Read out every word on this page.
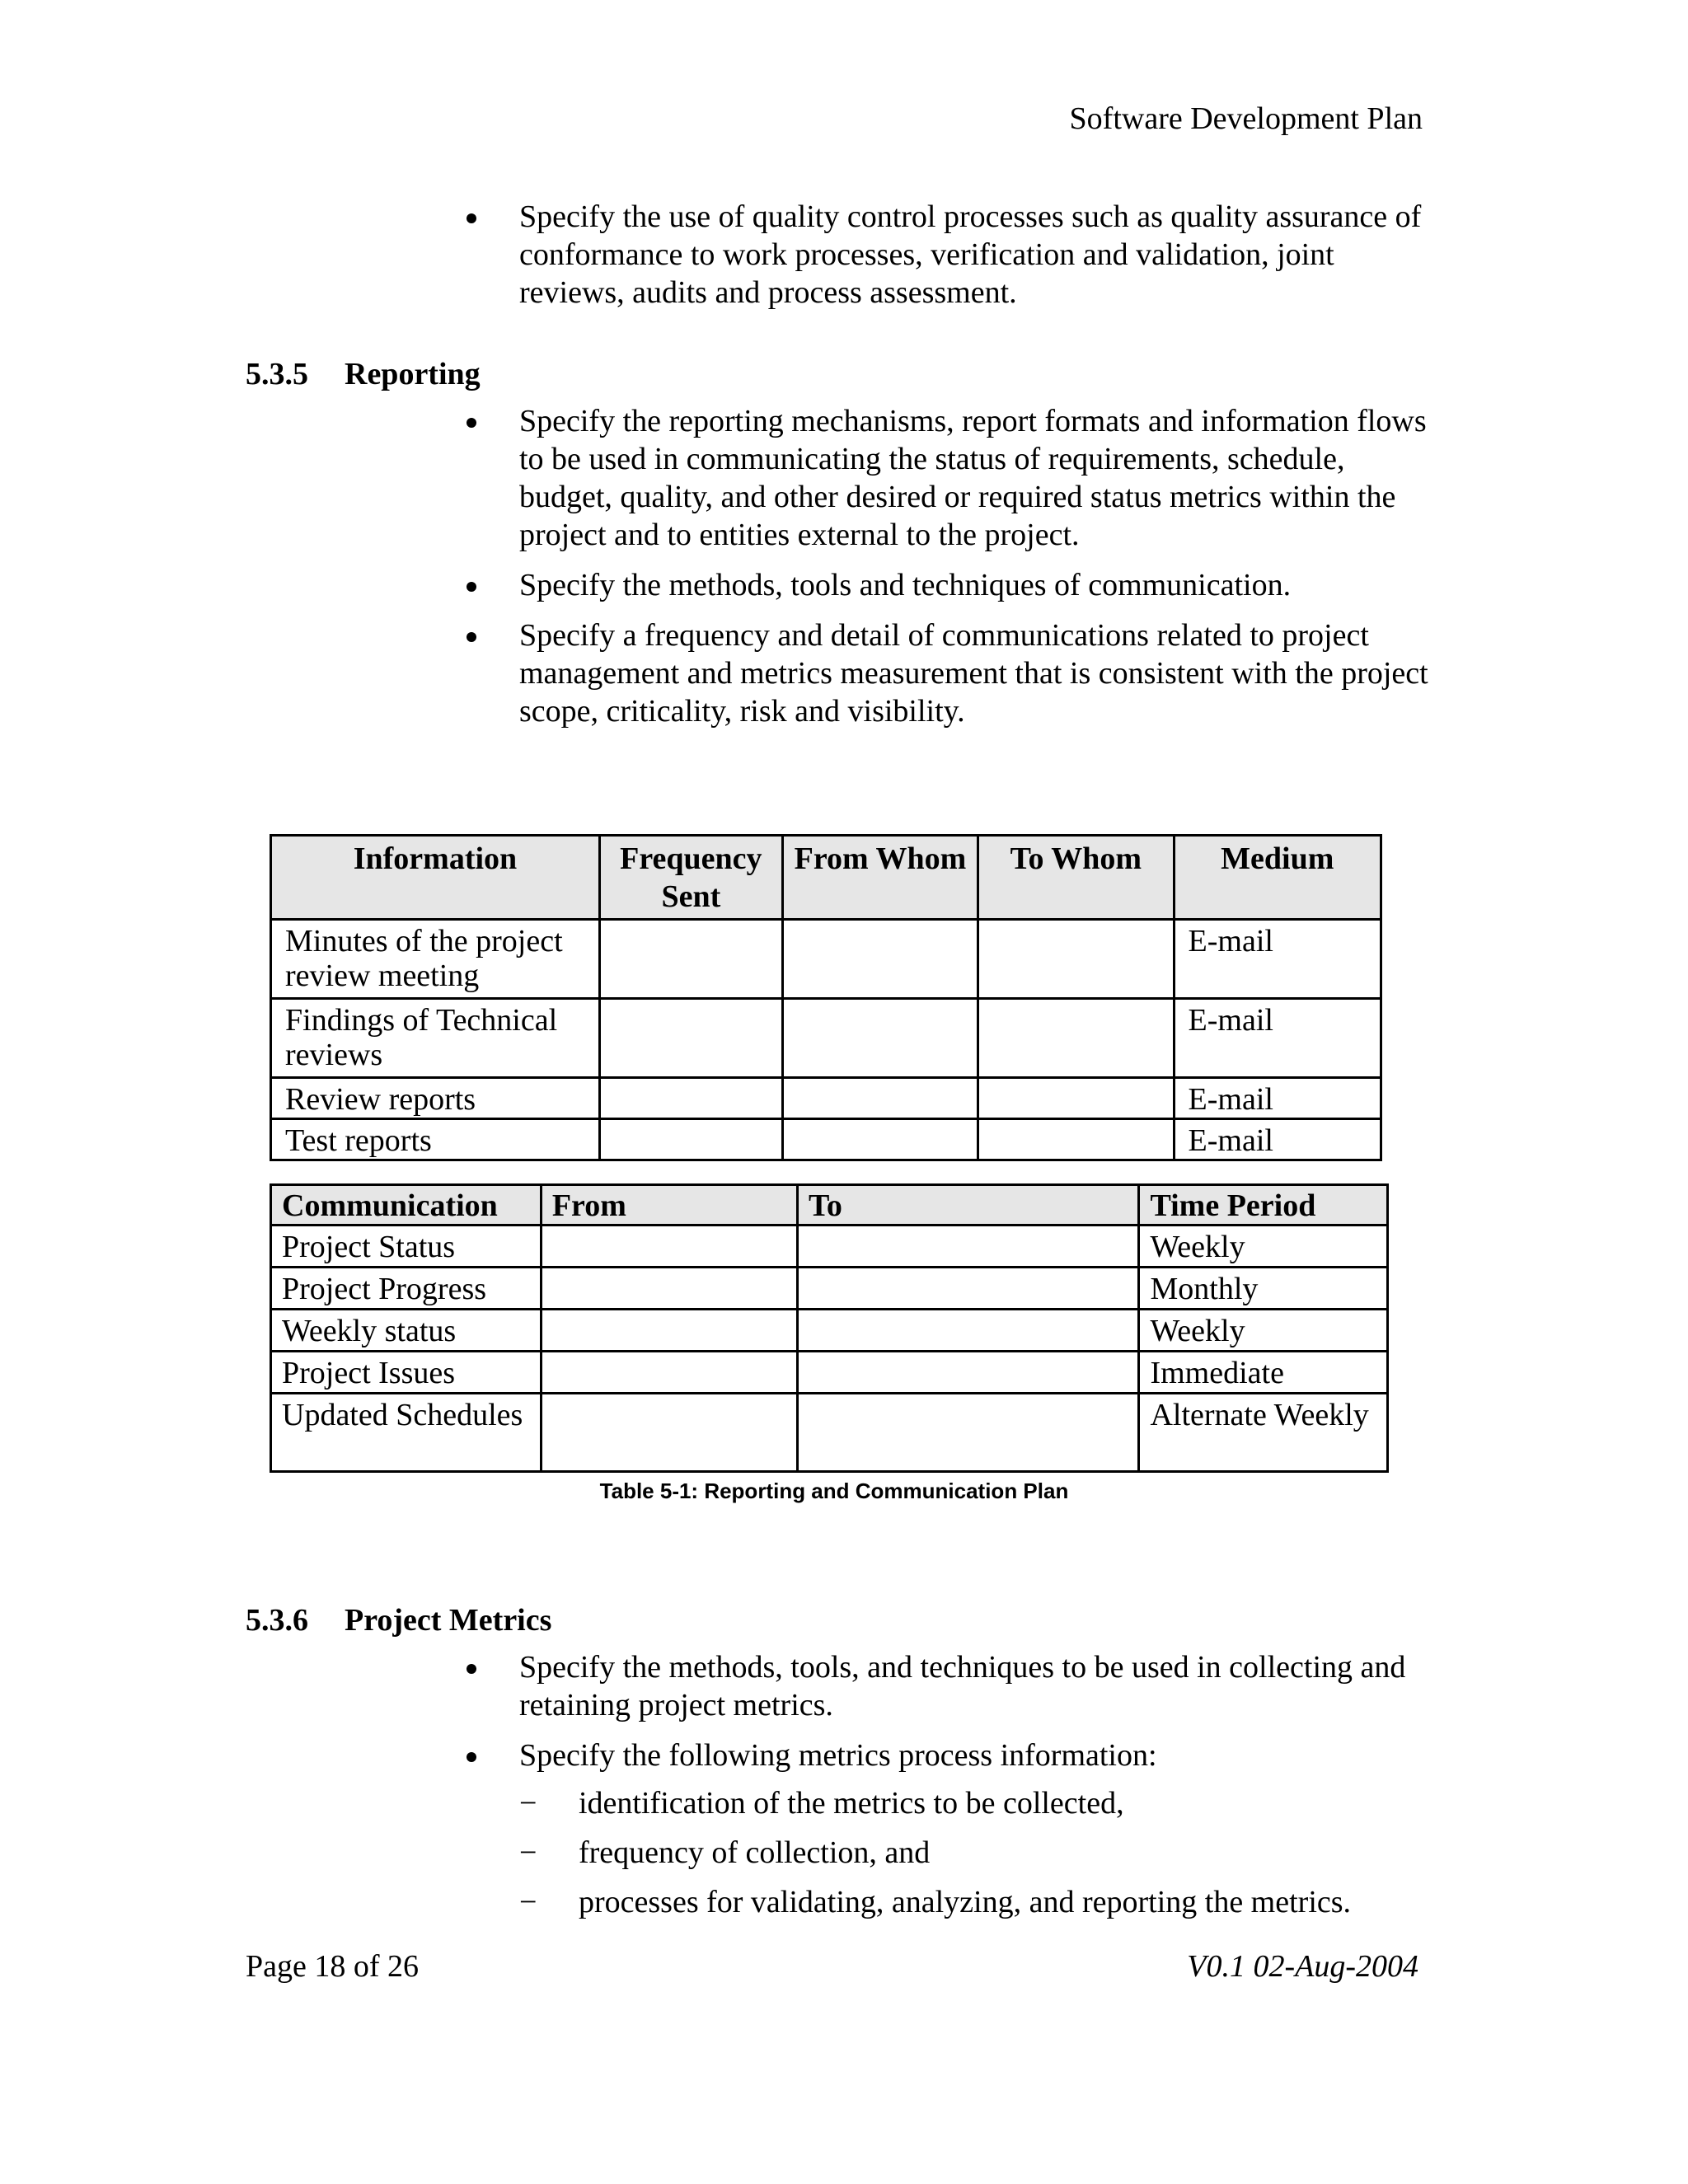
Software Development Plan
Specify the use of quality control processes such as quality assurance of conformance to work processes, verification and validation, joint reviews, audits and process assessment.
5.3.5 Reporting
Specify the reporting mechanisms, report formats and information flows to be used in communicating the status of requirements, schedule, budget, quality, and other desired or required status metrics within the project and to entities external to the project.
Specify the methods, tools and techniques of communication.
Specify a frequency and detail of communications related to project management and metrics measurement that is consistent with the project scope, criticality, risk and visibility.
Information	Frequency Sent	From Whom	To Whom	Medium
Minutes of the project review meeting				E-mail
Findings of Technical reviews				E-mail
Review reports				E-mail
Test reports				E-mail
Communication	From	To	Time Period
Project Status			Weekly
Project Progress			Monthly
Weekly status			Weekly
Project Issues			Immediate
Updated Schedules			Alternate Weekly
Table 5-1: Reporting and Communication Plan
5.3.6 Project Metrics
Specify the methods, tools, and techniques to be used in collecting and retaining project metrics.
Specify the following metrics process information:
− identification of the metrics to be collected,
− frequency of collection, and
− processes for validating, analyzing, and reporting the metrics.
Page 18 of 26	V0.1 02-Aug-2004
